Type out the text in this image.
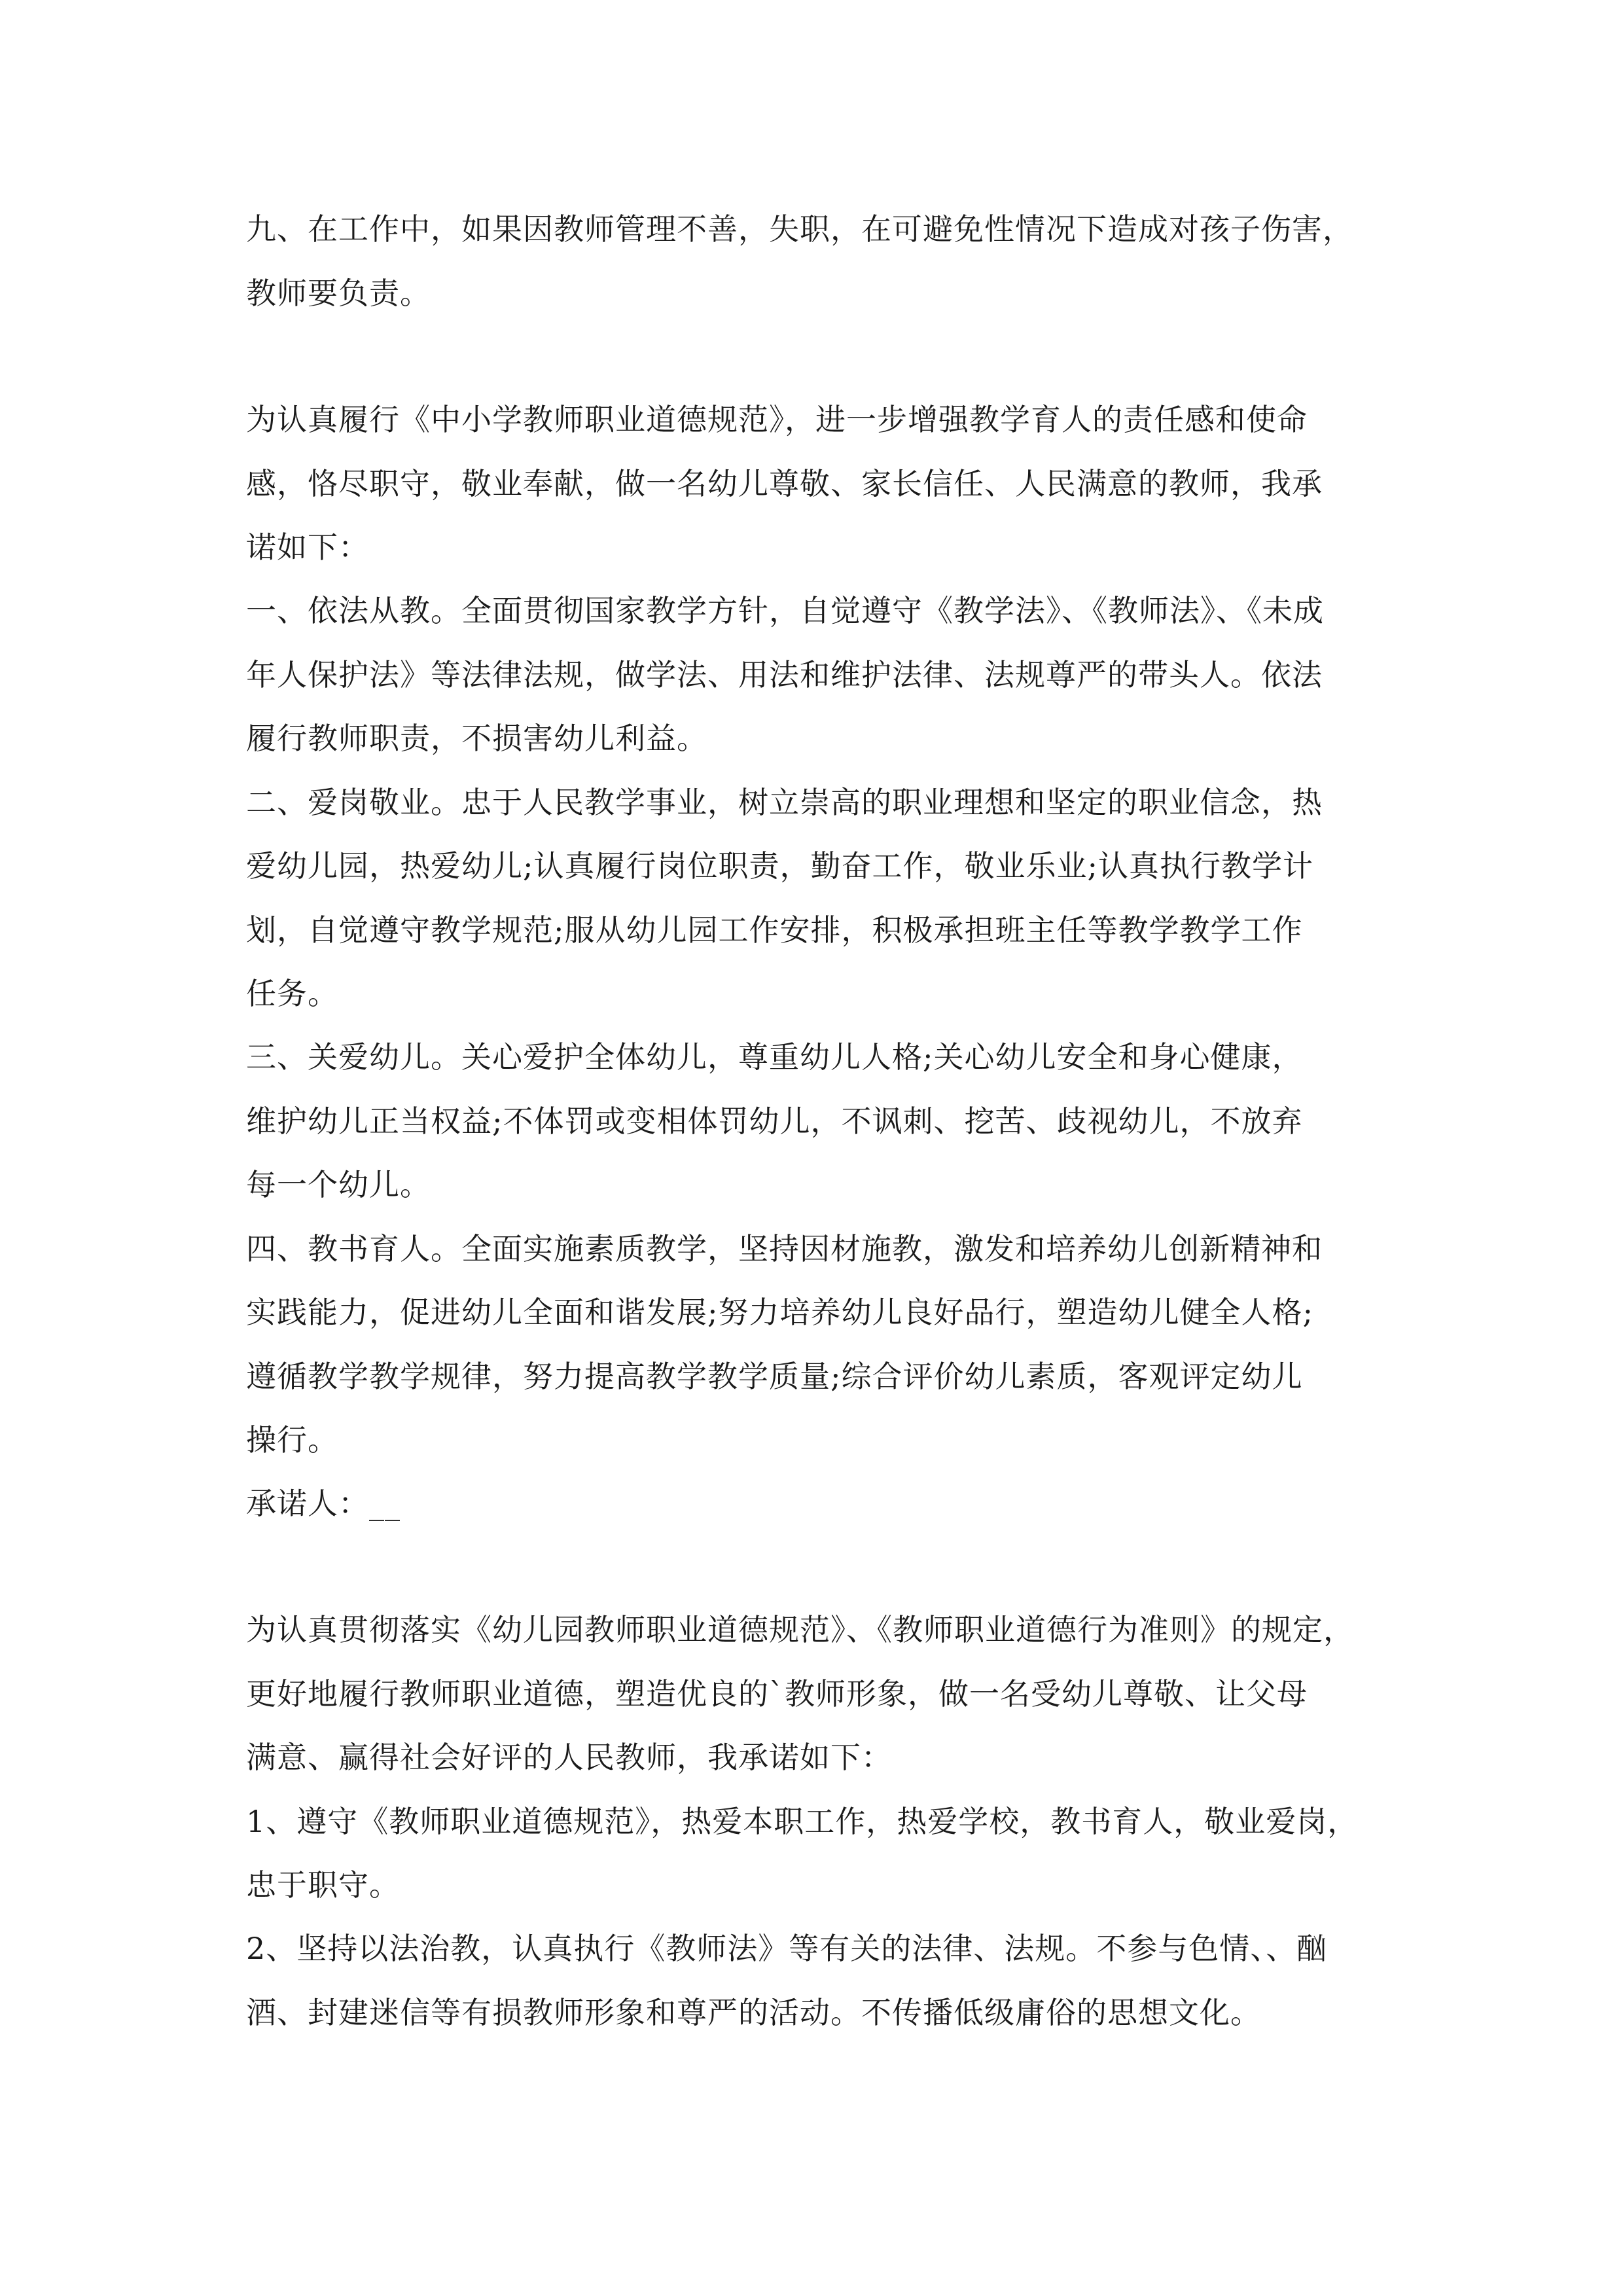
九、在工作中，如果因教师管理不善，失职，在可避免性情况下造成对孩子伤害，

教师要负责。

为认真履行《中小学教师职业道德规范》，进一步增强教学育人的责任感和使命

感，恪尽职守，敬业奉献，做一名幼儿尊敬、家长信任、人民满意的教师，我承

诺如下：

一、依法从教。全面贯彻国家教学方针，自觉遵守《教学法》、《教师法》、《未成

年人保护法》等法律法规，做学法、用法和维护法律、法规尊严的带头人。依法

履行教师职责，不损害幼儿利益。

二、爱岗敬业。忠于人民教学事业，树立崇高的职业理想和坚定的职业信念，热

爱幼儿园，热爱幼儿;认真履行岗位职责，勤奋工作，敬业乐业;认真执行教学计

划，自觉遵守教学规范;服从幼儿园工作安排，积极承担班主任等教学教学工作

任务。

三、关爱幼儿。关心爱护全体幼儿，尊重幼儿人格;关心幼儿安全和身心健康，

维护幼儿正当权益;不体罚或变相体罚幼儿，不讽刺、挖苦、歧视幼儿，不放弃

每一个幼儿。

四、教书育人。全面实施素质教学，坚持因材施教，激发和培养幼儿创新精神和

实践能力，促进幼儿全面和谐发展;努力培养幼儿良好品行，塑造幼儿健全人格;

遵循教学教学规律，努力提高教学教学质量;综合评价幼儿素质，客观评定幼儿

操行。

承诺人：__

为认真贯彻落实《幼儿园教师职业道德规范》、《教师职业道德行为准则》的规定，

更好地履行教师职业道德，塑造优良的`教师形象，做一名受幼儿尊敬、让父母

满意、赢得社会好评的人民教师，我承诺如下：

1、遵守《教师职业道德规范》，热爱本职工作，热爱学校，教书育人，敬业爱岗，

忠于职守。

2、坚持以法治教，认真执行《教师法》等有关的法律、法规。不参与色情、、酗

酒、封建迷信等有损教师形象和尊严的活动。不传播低级庸俗的思想文化。
